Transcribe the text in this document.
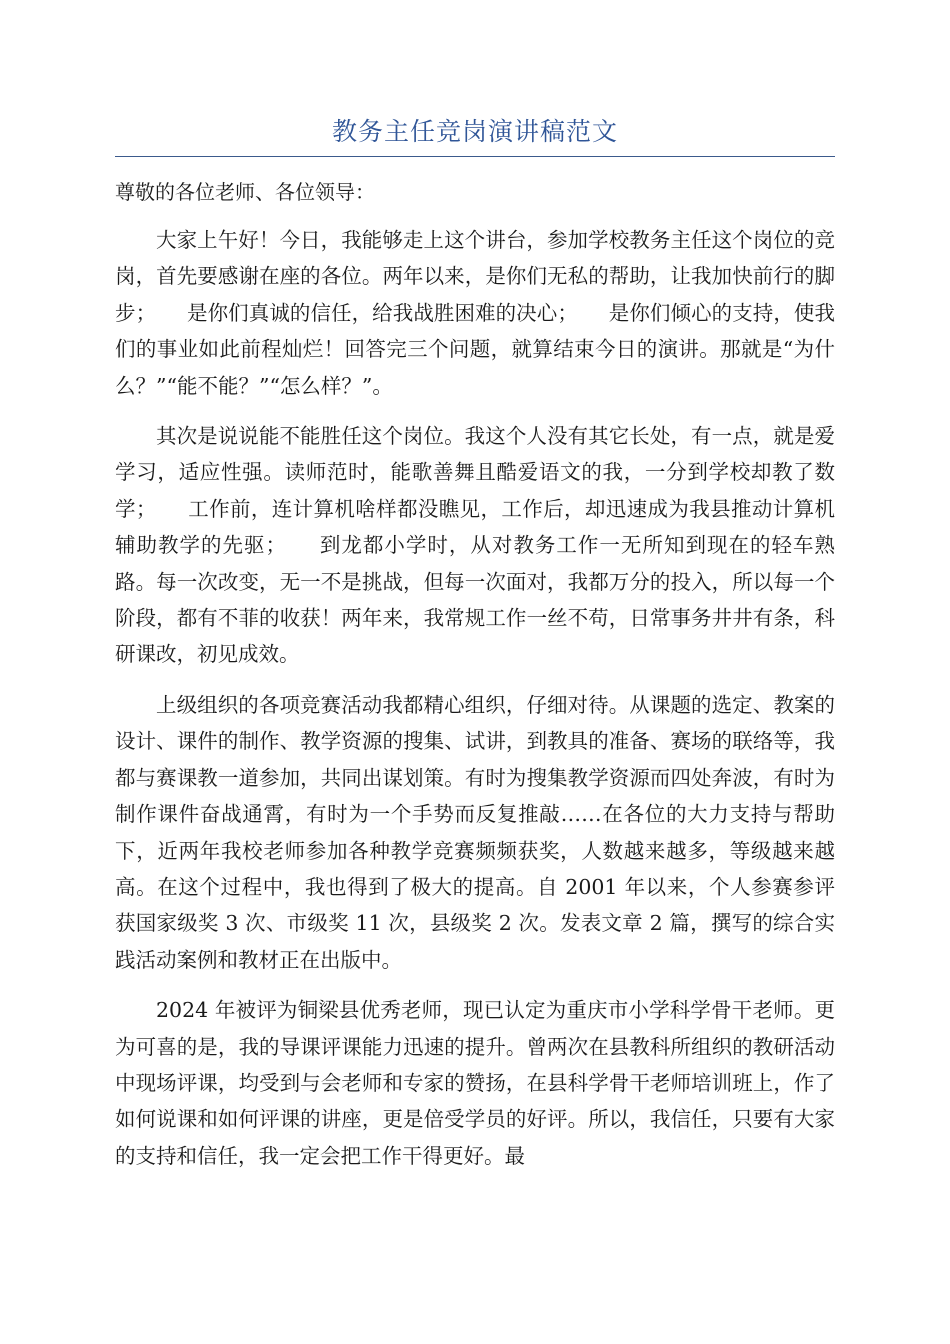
教务主任竞岗演讲稿范文

尊敬的各位老师、各位领导：

大家上午好！今日，我能够走上这个讲台，参加学校教务主任这个岗位的竞岗，首先要感谢在座的各位。两年以来，是你们无私的帮助，让我加快前行的脚步；　　是你们真诚的信任，给我战胜困难的决心；　　是你们倾心的支持，使我们的事业如此前程灿烂！回答完三个问题，就算结束今日的演讲。那就是“为什么？”“能不能？”“怎么样？”。

其次是说说能不能胜任这个岗位。我这个人没有其它长处，有一点，就是爱学习，适应性强。读师范时，能歌善舞且酷爱语文的我，一分到学校却教了数学；　　工作前，连计算机啥样都没瞧见，工作后，却迅速成为我县推动计算机辅助教学的先驱；　　到龙都小学时，从对教务工作一无所知到现在的轻车熟路。每一次改变，无一不是挑战，但每一次面对，我都万分的投入，所以每一个阶段，都有不菲的收获！两年来，我常规工作一丝不苟，日常事务井井有条，科研课改，初见成效。

上级组织的各项竞赛活动我都精心组织，仔细对待。从课题的选定、教案的设计、课件的制作、教学资源的搜集、试讲，到教具的准备、赛场的联络等，我都与赛课教一道参加，共同出谋划策。有时为搜集教学资源而四处奔波，有时为制作课件奋战通霄，有时为一个手势而反复推敲……在各位的大力支持与帮助下，近两年我校老师参加各种教学竞赛频频获奖，人数越来越多，等级越来越高。在这个过程中，我也得到了极大的提高。自 2001 年以来，个人参赛参评获国家级奖 3 次、市级奖 11 次，县级奖 2 次。发表文章 2 篇，撰写的综合实践活动案例和教材正在出版中。

2024 年被评为铜梁县优秀老师，现已认定为重庆市小学科学骨干老师。更为可喜的是，我的导课评课能力迅速的提升。曾两次在县教科所组织的教研活动中现场评课，均受到与会老师和专家的赞扬，在县科学骨干老师培训班上，作了如何说课和如何评课的讲座，更是倍受学员的好评。所以，我信任，只要有大家的支持和信任，我一定会把工作干得更好。最
